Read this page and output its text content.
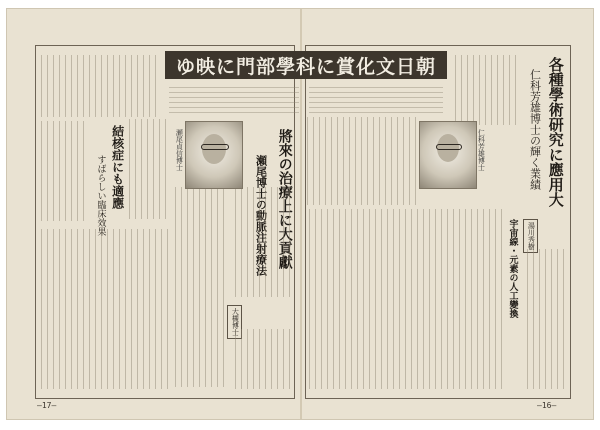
朝日文化賞に科學部門に映ゆ	各種學術研究に應用大
仁科芳雄博士の輝く業績
湯川秀樹
宇宙線・元素の人工變換
仁科芳雄博士
將來の治療上に大貢獻
瀬尾博士の動脈注射療法
大槻博士
瀬尾貞信博士
結核症にも適應
すばらしい臨床效果
—17—	—16—
